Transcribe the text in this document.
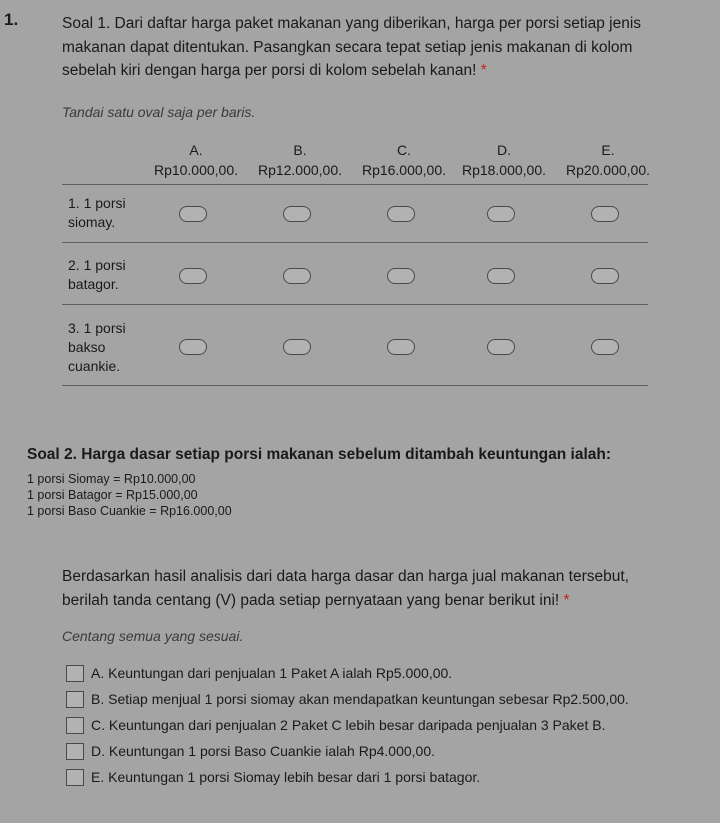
1.	Soal 1. Dari daftar harga paket makanan yang diberikan, harga per porsi setiap jenis makanan dapat ditentukan. Pasangkan secara tepat setiap jenis makanan di kolom sebelah kiri dengan harga per porsi di kolom sebelah kanan! *
Tandai satu oval saja per baris.
A.
Rp10.000,00.
B.
Rp12.000,00.
C.
Rp16.000,00.
D.
Rp18.000,00.
E.
Rp20.000,00.
1. 1 porsi
siomay.
2. 1 porsi
batagor.
3. 1 porsi
bakso
cuankie.
Soal 2. Harga dasar setiap porsi makanan sebelum ditambah keuntungan ialah:
1 porsi Siomay = Rp10.000,00
1 porsi Batagor = Rp15.000,00
1 porsi Baso Cuankie = Rp16.000,00
Berdasarkan hasil analisis dari data harga dasar dan harga jual makanan tersebut, berilah tanda centang (V) pada setiap pernyataan yang benar berikut ini! *
Centang semua yang sesuai.
A. Keuntungan dari penjualan 1 Paket A ialah Rp5.000,00.
B. Setiap menjual 1 porsi siomay akan mendapatkan keuntungan sebesar Rp2.500,00.
C. Keuntungan dari penjualan 2 Paket C lebih besar daripada penjualan 3 Paket B.
D. Keuntungan 1 porsi Baso Cuankie ialah Rp4.000,00.
E. Keuntungan 1 porsi Siomay lebih besar dari 1 porsi batagor.
